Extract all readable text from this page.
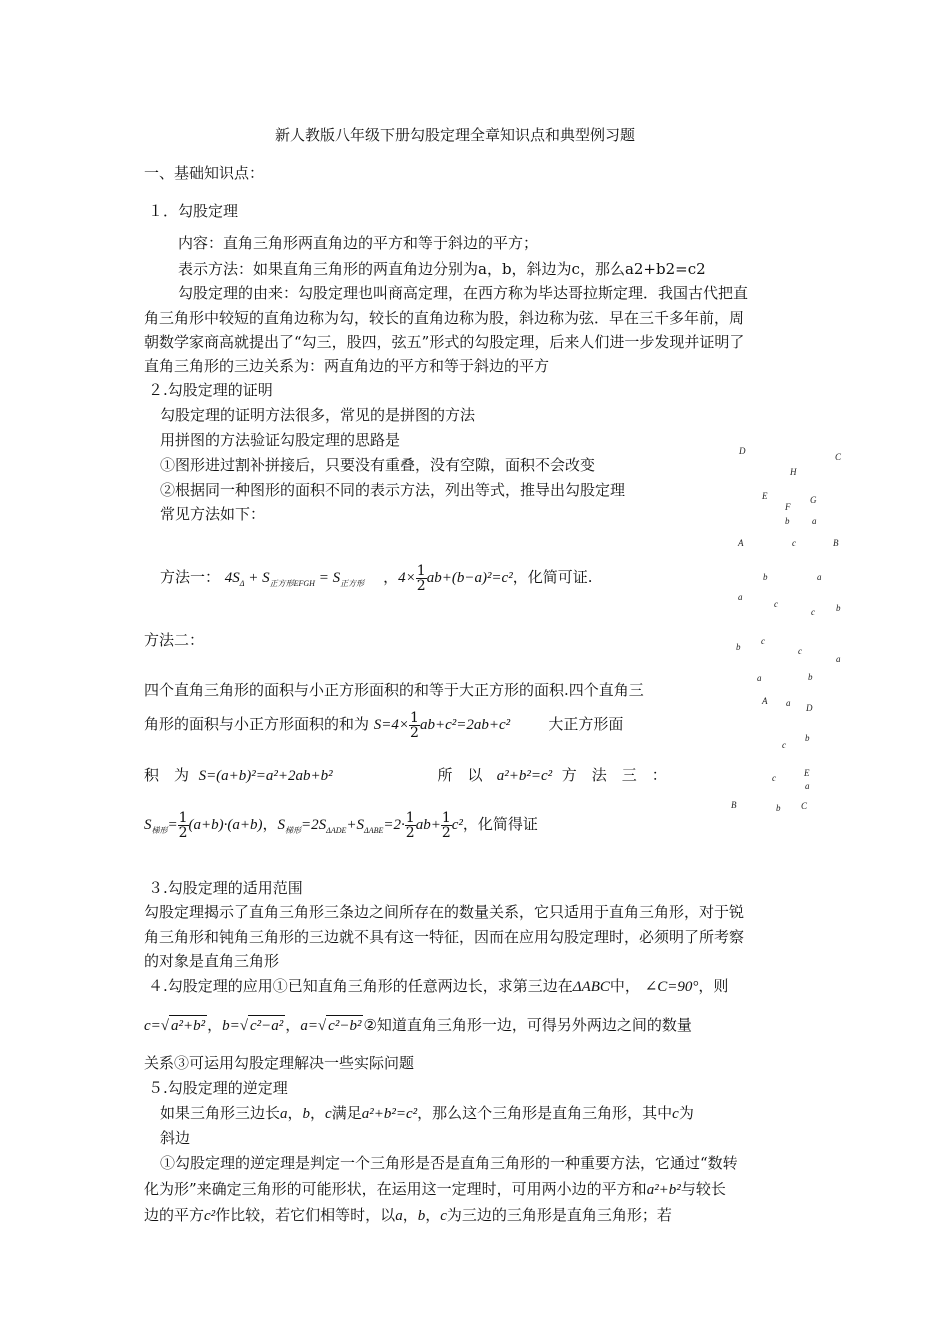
新人教版八年级下册勾股定理全章知识点和典型例习题
一、基础知识点：
１．勾股定理
内容：直角三角形两直角边的平方和等于斜边的平方；
表示方法：如果直角三角形的两直角边分别为a，b，斜边为c，那么a2+b2=c2
勾股定理的由来：勾股定理也叫商高定理，在西方称为毕达哥拉斯定理．我国古代把直
角三角形中较短的直角边称为勾，较长的直角边称为股，斜边称为弦．早在三千多年前，周
朝数学家商高就提出了“勾三，股四，弦五”形式的勾股定理，后来人们进一步发现并证明了
直角三角形的三边关系为：两直角边的平方和等于斜边的平方
２.勾股定理的证明
勾股定理的证明方法很多，常见的是拼图的方法
用拼图的方法验证勾股定理的思路是
①图形进过割补拼接后，只要没有重叠，没有空隙，面积不会改变
②根据同一种图形的面积不同的表示方法，列出等式，推导出勾股定理
常见方法如下：
方法一： $4S_\Delta + S_{正方形EFGH} = S_{正方形}$    ，$4\times \frac{1}{2} ab+(b-a)^2=c^2$，化简可证.
方法二：
四个直角三角形的面积与小正方形面积的和等于大正方形的面积.四个直角三
角形的面积与小正方形面积的和为 $S=4\times \frac{1}{2} ab+c^2=2ab+c^2$	大正方形面
积　为 S=(a+b)²=a²+2ab+b²	所　以 a²+b²=c² 方　法　三　：
$S_{梯形}= \frac{1}{2} (a+b)\cdot(a+b)$，$S_{梯形}=2S_{\Delta ADE}+S_{\Delta ABE}=2\cdot \frac{1}{2} ab+ \frac{1}{2} c^2$，化简得证
３.勾股定理的适用范围
勾股定理揭示了直角三角形三条边之间所存在的数量关系，它只适用于直角三角形，对于锐
角三角形和钝角三角形的三边就不具有这一特征，因而在应用勾股定理时，必须明了所考察
的对象是直角三角形
４.勾股定理的应用①已知直角三角形的任意两边长，求第三边在ΔABC中， ∠C=90°，则
c=√ a²+b² ，b=√ c²−a² ，a=√ c²−b² ②知道直角三角形一边，可得另外两边之间的数量
关系③可运用勾股定理解决一些实际问题
５.勾股定理的逆定理
如果三角形三边长a，b，c满足a²+b²=c²，那么这个三角形是直角三角形，其中c为
斜边
①勾股定理的逆定理是判定一个三角形是否是直角三角形的一种重要方法，它通过“数转
化为形”来确定三角形的可能形状，在运用这一定理时，可用两小边的平方和a²+b²与较长
边的平方c²作比较，若它们相等时，以a，b，c为三边的三角形是直角三角形；若
D
C
H
E
F
G
b	a
A	c	B
b	a
a
c
c b
b
c
c
a
a	b
A a D
c
b
c	E
a
B	b C
